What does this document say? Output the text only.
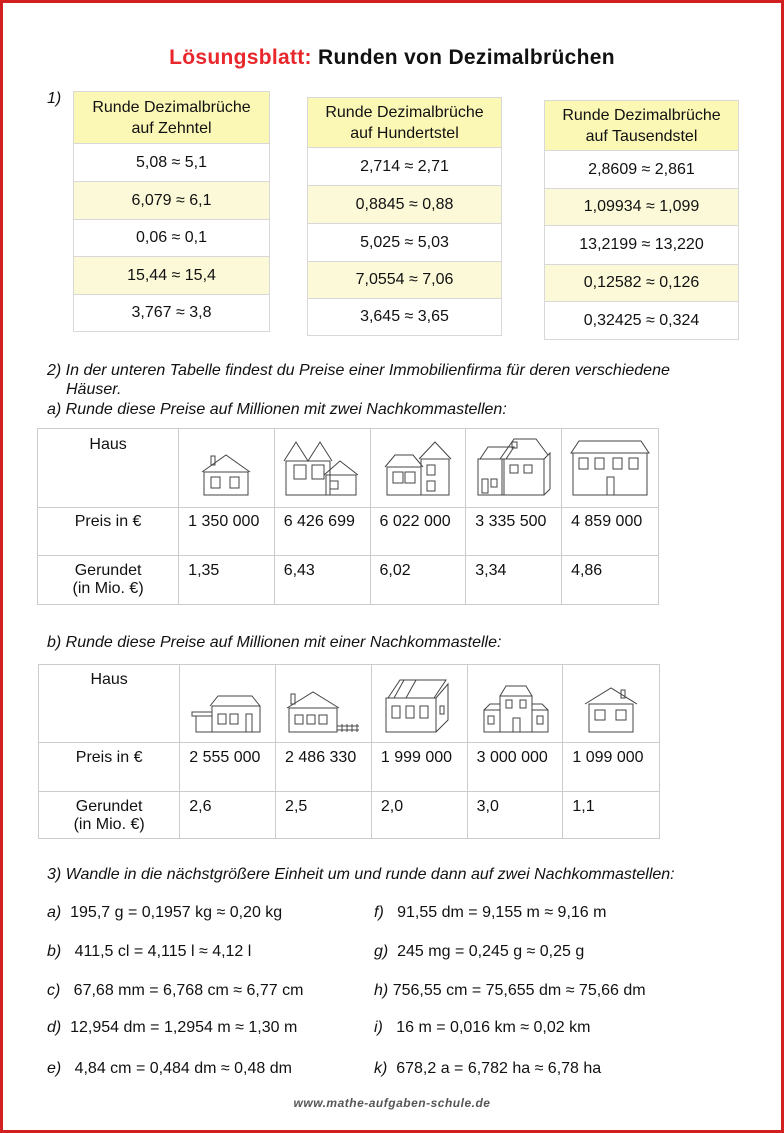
Lösungsblatt: Runden von Dezimalbrüchen
1) Runde Dezimalbrüche
auf Zehntel
5,08 ≈ 5,1
6,079 ≈ 6,1
0,06 ≈ 0,1
15,44 ≈ 15,4
3,767 ≈ 3,8
Runde Dezimalbrüche
auf Hundertstel
2,714 ≈ 2,71
0,8845 ≈ 0,88
5,025 ≈ 5,03
7,0554 ≈ 7,06
3,645 ≈ 3,65
Runde Dezimalbrüche
auf Tausendstel
2,8609 ≈ 2,861
1,09934 ≈ 1,099
13,2199 ≈ 13,220
0,12582 ≈ 0,126
0,32425 ≈ 0,324
2) In der unteren Tabelle findest du Preise einer Immobilienfirma für deren verschiedene
Häuser.
a) Runde diese Preise auf Millionen mit zwei Nachkommastellen:
Haus	

Preis in €	1 350 000	6 426 699	6 022 000	3 335 500	4 859 000
Gerundet
(in Mio. €)	1,35	6,43	6,02	3,34	4,86
b) Runde diese Preise auf Millionen mit einer Nachkommastelle:
Haus	

Preis in €	2 555 000	2 486 330	1 999 000	3 000 000	1 099 000
Gerundet
(in Mio. €)	2,6	2,5	2,0	3,0	1,1
3) Wandle in die nächstgrößere Einheit um und runde dann auf zwei Nachkommastellen:
a) 195,7 g = 0,1957 kg ≈ 0,20 kg
b) 411,5 cl = 4,115 l ≈ 4,12 l
c) 67,68 mm = 6,768 cm ≈ 6,77 cm
d) 12,954 dm = 1,2954 m ≈ 1,30 m
e) 4,84 cm = 0,484 dm ≈ 0,48 dm
f) 91,55 dm = 9,155 m ≈ 9,16 m
g) 245 mg = 0,245 g ≈ 0,25 g
h) 756,55 cm = 75,655 dm ≈ 75,66 dm
i) 16 m = 0,016 km ≈ 0,02 km
k) 678,2 a = 6,782 ha ≈ 6,78 ha
www.mathe-aufgaben-schule.de
